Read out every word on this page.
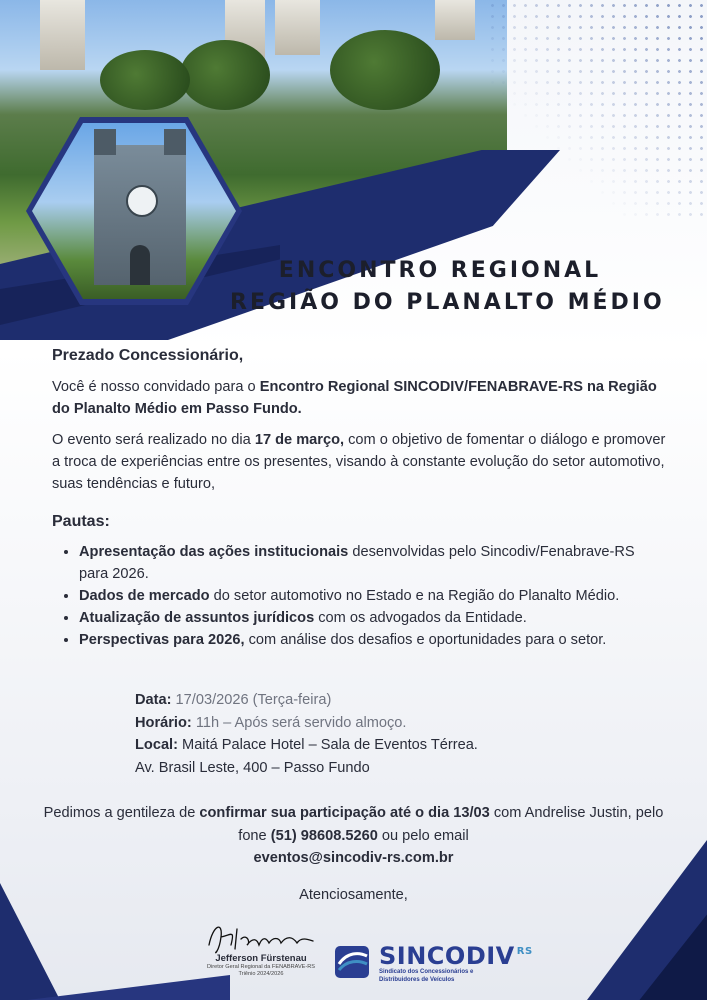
ENCONTRO REGIONAL
REGIÃO DO PLANALTO MÉDIO

Prezado Concessionário,

Você é nosso convidado para o Encontro Regional SINCODIV/FENABRAVE-RS na Região do Planalto Médio em Passo Fundo.

O evento será realizado no dia 17 de março, com o objetivo de fomentar o diálogo e promover a troca de experiências entre os presentes, visando à constante evolução do setor automotivo, suas tendências e futuro,

Pautas:

• Apresentação das ações institucionais desenvolvidas pelo Sincodiv/Fenabrave-RS para 2026.
• Dados de mercado do setor automotivo no Estado e na Região do Planalto Médio.
• Atualização de assuntos jurídicos com os advogados da Entidade.
• Perspectivas para 2026, com análise dos desafios e oportunidades para o setor.
Data: 17/03/2026 (Terça-feira)
Horário: 11h – Após será servido almoço.
Local: Maitá Palace Hotel – Sala de Eventos Térrea.
Av. Brasil Leste, 400 – Passo Fundo
Pedimos a gentileza de confirmar sua participação até o dia 13/03 com Andrelise Justin, pelo fone (51) 98608.5260 ou pelo email
eventos@sincodiv-rs.com.br
Atenciosamente,
Jefferson Fürstenau
Diretor Geral Regional da FENABRAVE-RS
Triênio 2024/2026
SINCODIV $^{RS}$
Sindicato dos Concessionários e
Distribuidores de Veículos
